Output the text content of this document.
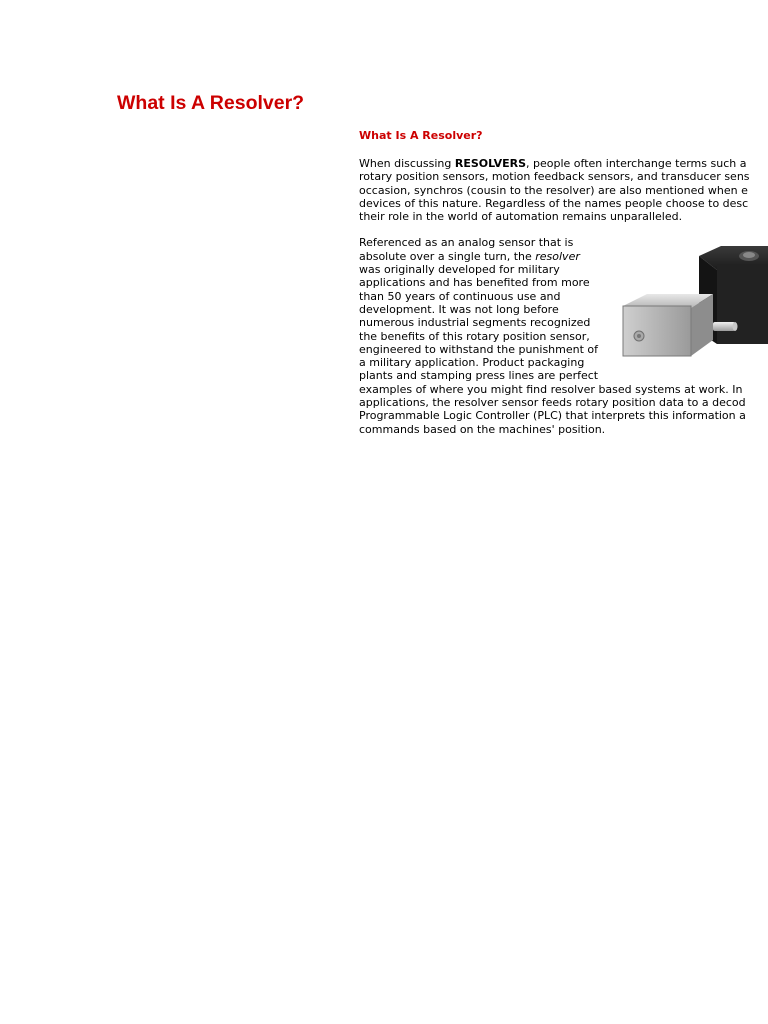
What Is A Resolver?
What Is A Resolver?

When discussing RESOLVERS, people often interchange terms such a
rotary position sensors, motion feedback sensors, and transducer sens
occasion, synchros (cousin to the resolver) are also mentioned when e
devices of this nature. Regardless of the names people choose to desc
their role in the world of automation remains unparalleled.

Referenced as an analog sensor that is
absolute over a single turn, the resolver
was originally developed for military
applications and has benefited from more
than 50 years of continuous use and
development. It was not long before
numerous industrial segments recognized
the benefits of this rotary position sensor,
engineered to withstand the punishment of
a military application. Product packaging
plants and stamping press lines are perfect
examples of where you might find resolver based systems at work. In
applications, the resolver sensor feeds rotary position data to a decod
Programmable Logic Controller (PLC) that interprets this information a
commands based on the machines' position.
